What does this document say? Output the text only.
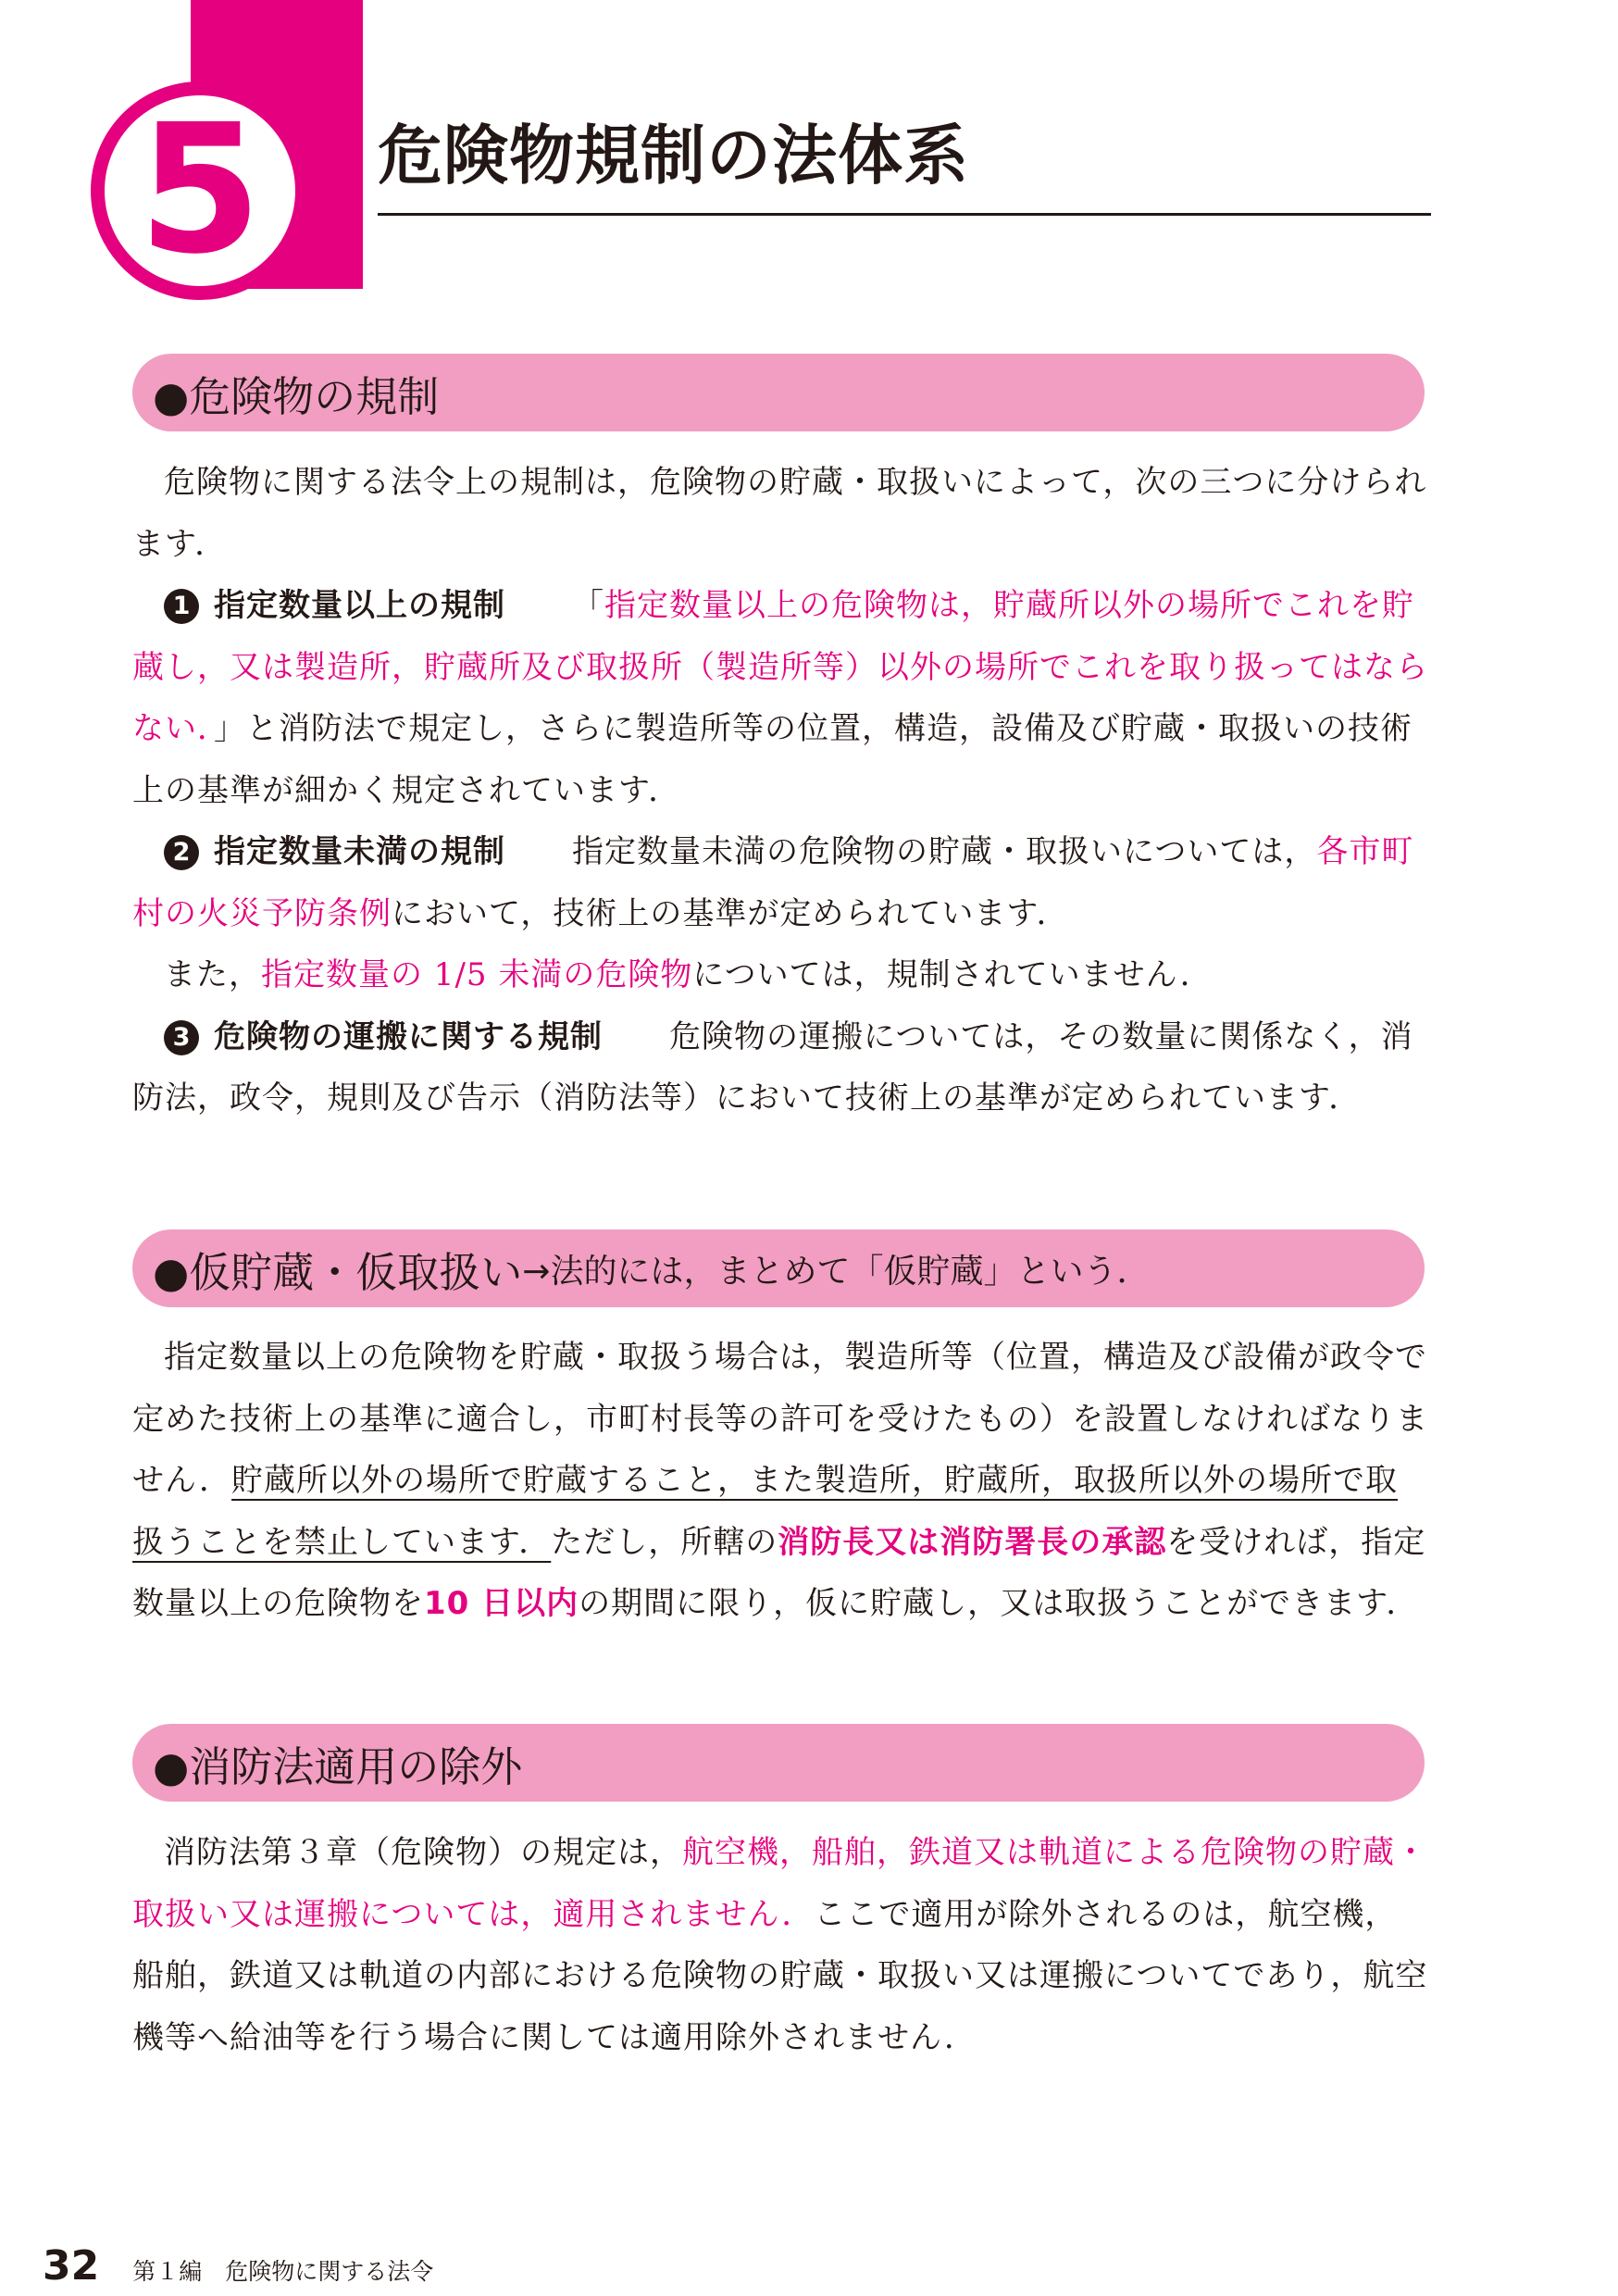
5 危険物規制の法体系
●危険物の規制

危険物に関する法令上の規制は，危険物の貯蔵・取扱いによって，次の三つに分けられます．

1 指定数量以上の規制 「指定数量以上の危険物は，貯蔵所以外の場所でこれを貯蔵し，又は製造所，貯蔵所及び取扱所（製造所等）以外の場所でこれを取り扱ってはならない．」と消防法で規定し，さらに製造所等の位置，構造，設備及び貯蔵・取扱いの技術上の基準が細かく規定されています．

2 指定数量未満の規制 指定数量未満の危険物の貯蔵・取扱いについては，各市町村の火災予防条例において，技術上の基準が定められています．

また，指定数量の 1/5 未満の危険物については，規制されていません．

3 危険物の運搬に関する規制 危険物の運搬については，その数量に関係なく，消防法，政令，規則及び告示（消防法等）において技術上の基準が定められています．

●仮貯蔵・仮取扱い →法的には，まとめて「仮貯蔵」という．

指定数量以上の危険物を貯蔵・取扱う場合は，製造所等（位置，構造及び設備が政令で定めた技術上の基準に適合し，市町村長等の許可を受けたもの）を設置しなければなりません．貯蔵所以外の場所で貯蔵すること，また製造所，貯蔵所，取扱所以外の場所で取扱うことを禁止しています．ただし，所轄の消防長又は消防署長の承認を受ければ，指定数量以上の危険物を10 日以内の期間に限り，仮に貯蔵し，又は取扱うことができます．

●消防法適用の除外

消防法第３章（危険物）の規定は，航空機，船舶，鉄道又は軌道による危険物の貯蔵・取扱い又は運搬については，適用されません．ここで適用が除外されるのは，航空機，船舶，鉄道又は軌道の内部における危険物の貯蔵・取扱い又は運搬についてであり，航空機等へ給油等を行う場合に関しては適用除外されません．

32 第１編　危険物に関する法令
